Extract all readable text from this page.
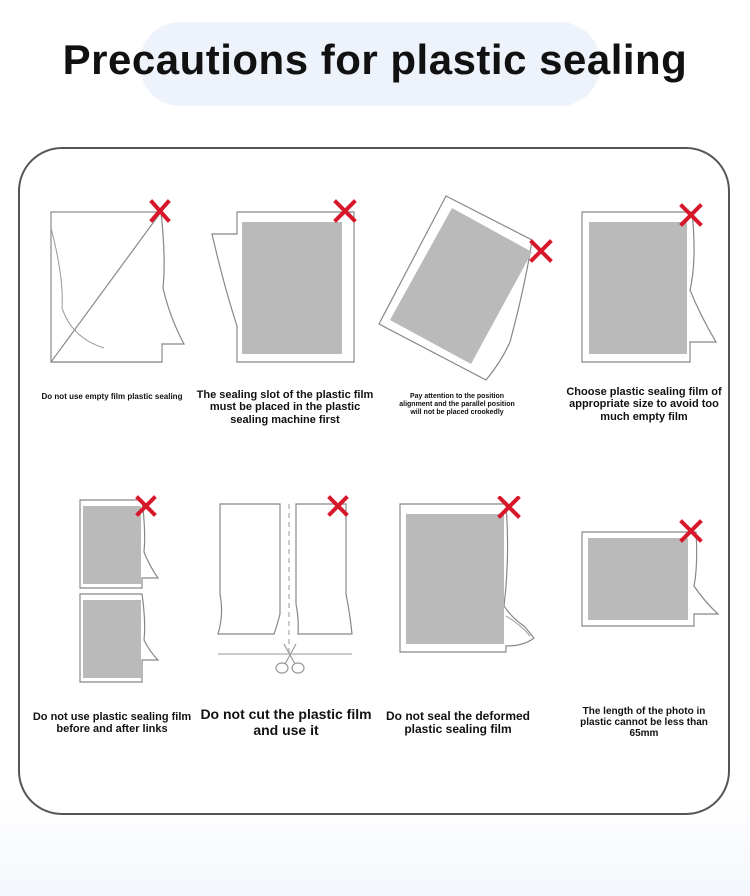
Precautions for plastic sealing
Do not use empty film plastic sealing	The sealing slot of the plastic film must be placed in the plastic sealing machine first
Pay attention to the position alignment and the parallel position will not be placed crookedly
Choose plastic sealing film of appropriate size to avoid too much empty film
Do not use plastic sealing film before and after links
Do not cut the plastic film and use it
Do not seal the deformed plastic sealing film
The length of the photo in plastic cannot be less than 65mm
